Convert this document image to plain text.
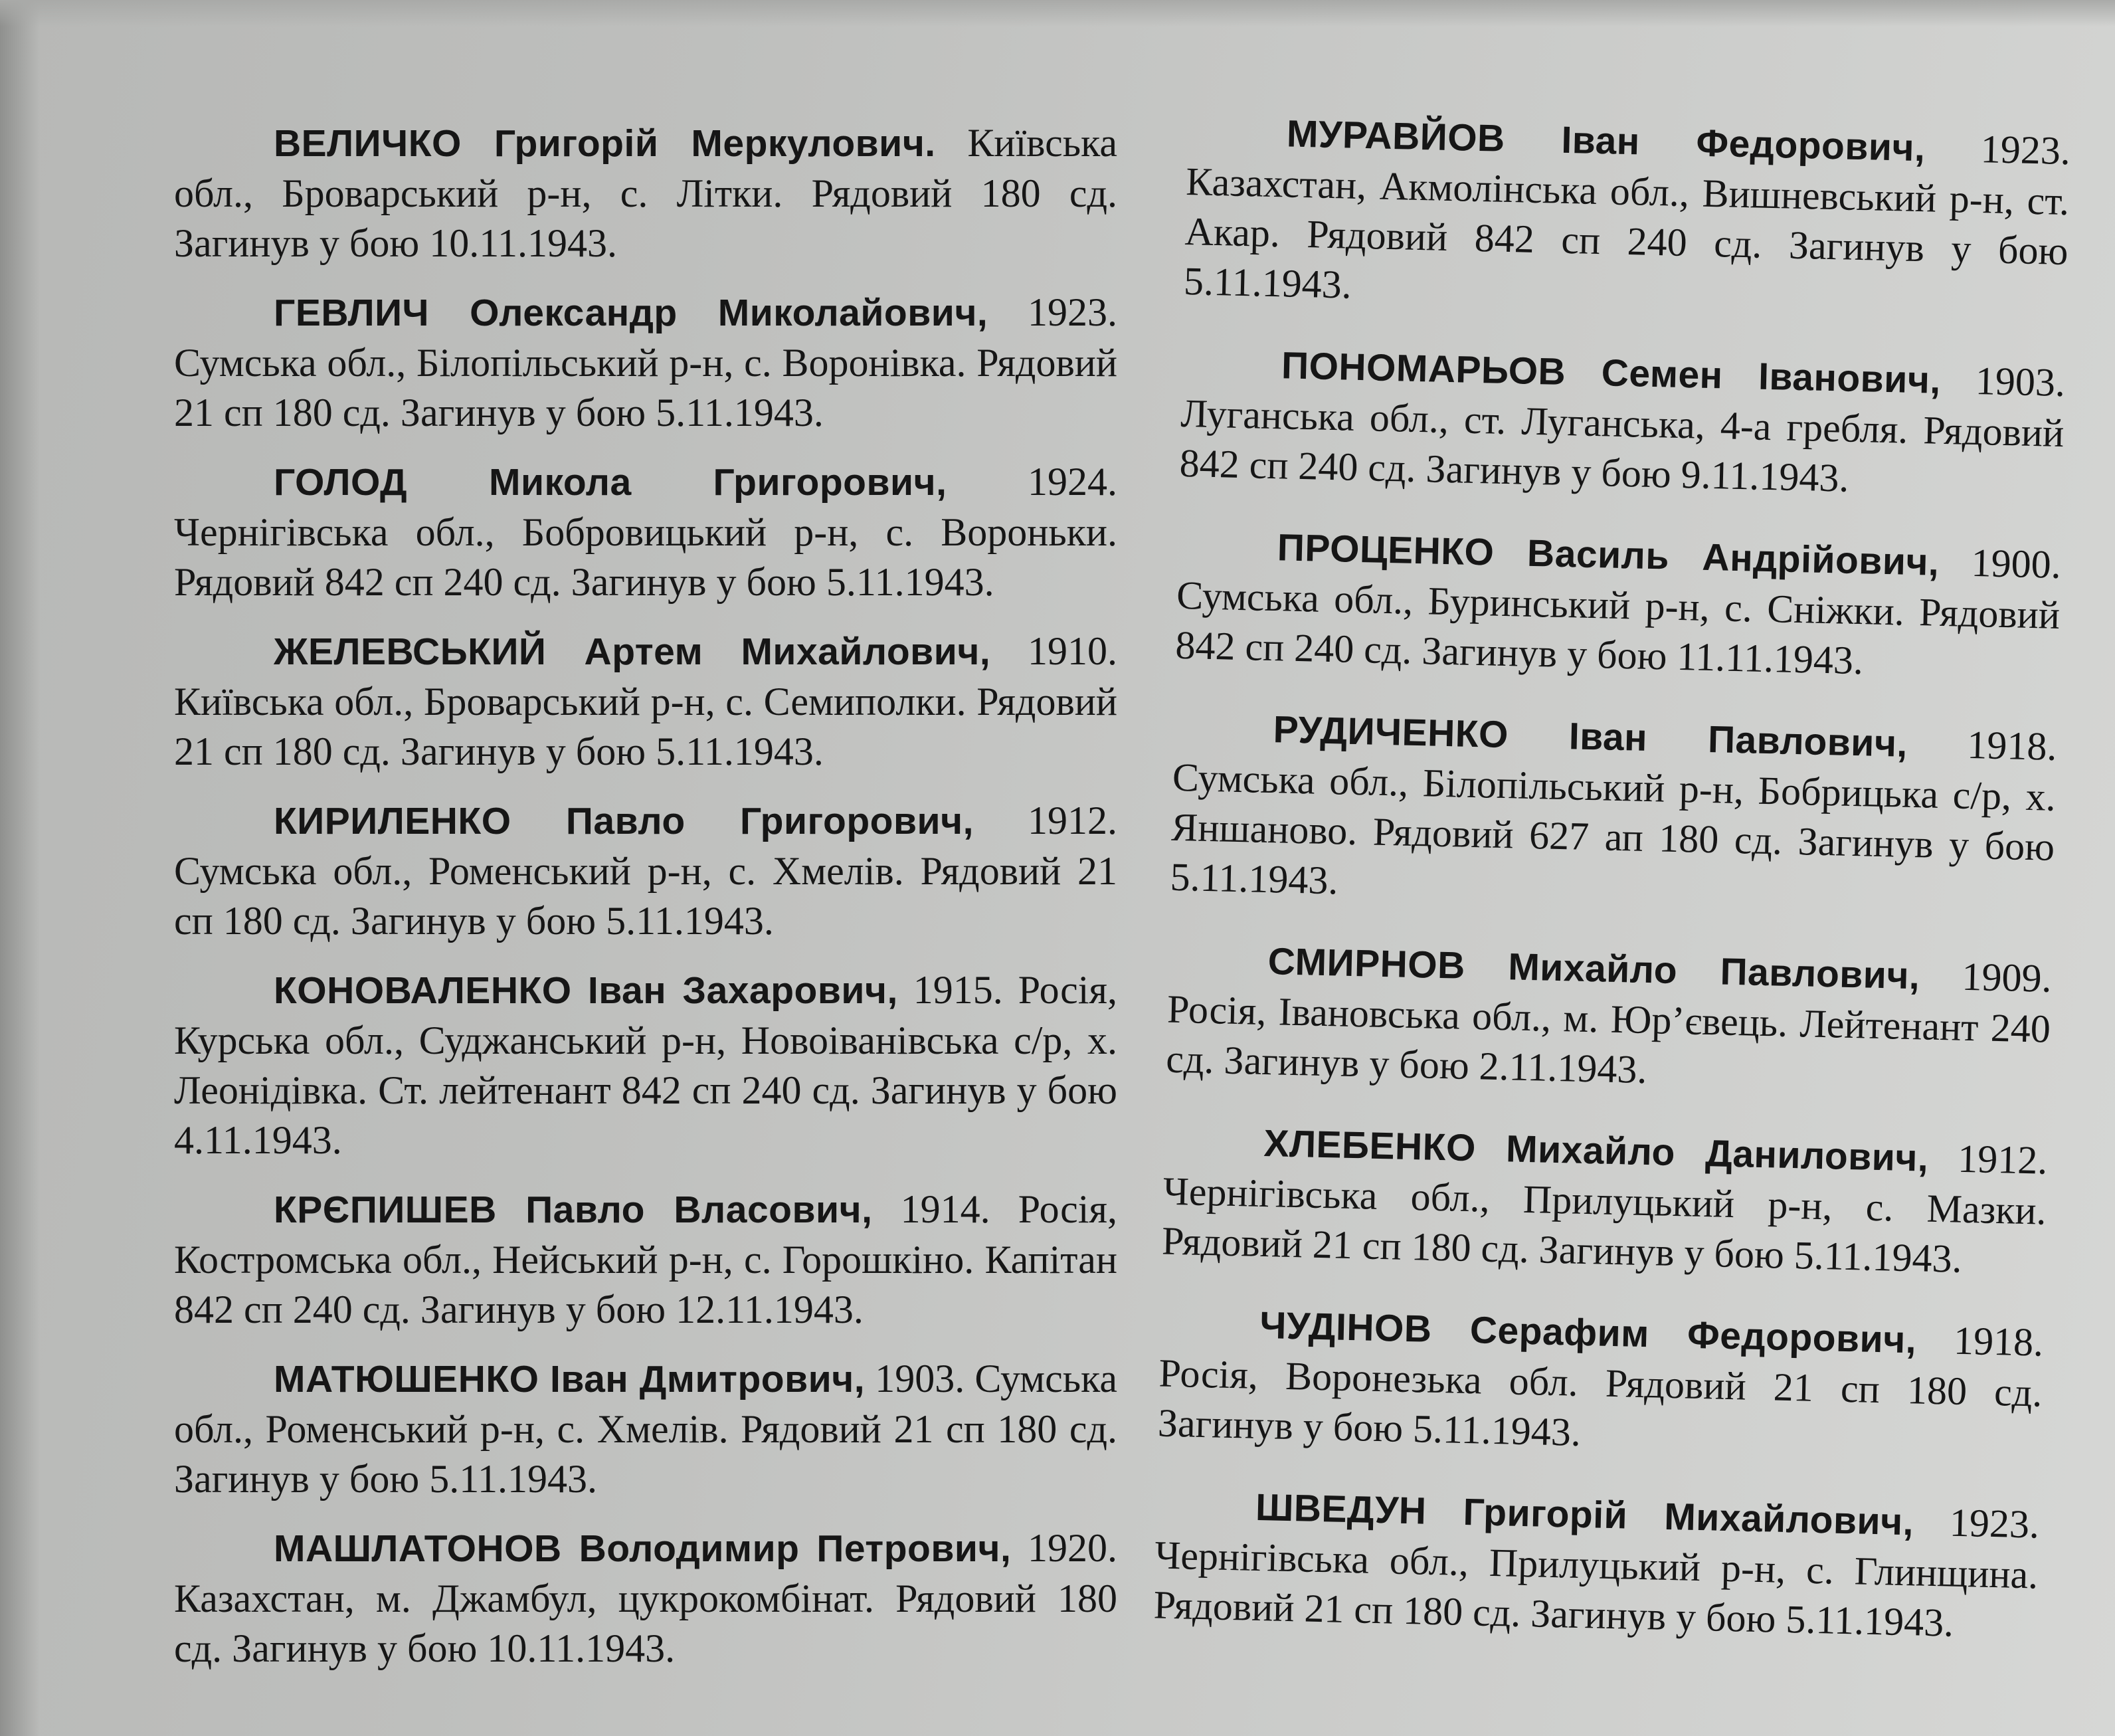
ВЕЛИЧКО Григорій Меркулович. Київська обл., Броварський р-н, с. Літки. Рядовий 180 сд. Загинув у бою 10.11.1943.

ГЕВЛИЧ Олександр Миколайович, 1923. Сумська обл., Білопільський р-н, с. Воронівка. Рядовий 21 сп 180 сд. Загинув у бою 5.11.1943.

ГОЛОД Микола Григорович, 1924. Чернігівська обл., Бобровицький р-н, с. Вороньки. Рядовий 842 сп 240 сд. Загинув у бою 5.11.1943.

ЖЕЛЕВСЬКИЙ Артем Михайлович, 1910. Київська обл., Броварський р-н, с. Семиполки. Рядовий 21 сп 180 сд. Загинув у бою 5.11.1943.

КИРИЛЕНКО Павло Григорович, 1912. Сумська обл., Роменський р-н, с. Хмелів. Рядовий 21 сп 180 сд. Загинув у бою 5.11.1943.

КОНОВАЛЕНКО Іван Захарович, 1915. Росія, Курська обл., Суджанський р-н, Новоіванівська с/р, х. Леонідівка. Ст. лейтенант 842 сп 240 сд. Загинув у бою 4.11.1943.

КРЄПИШЕВ Павло Власович, 1914. Росія, Костромська обл., Нейський р-н, с. Горошкіно. Капітан 842 сп 240 сд. Загинув у бою 12.11.1943.

МАТЮШЕНКО Іван Дмитрович, 1903. Сумська обл., Роменський р-н, с. Хмелів. Рядовий 21 сп 180 сд. Загинув у бою 5.11.1943.

МАШЛАТОНОВ Володимир Петрович, 1920. Казахстан, м. Джамбул, цукрокомбінат. Рядовий 180 сд. Загинув у бою 10.11.1943.

МУРАВЙОВ Іван Федорович, 1923. Казахстан, Акмолінська обл., Вишневський р-н, ст. Акар. Рядовий 842 сп 240 сд. Загинув у бою 5.11.1943.

ПОНОМАРЬОВ Семен Іванович, 1903. Луганська обл., ст. Луганська, 4-а гребля. Рядовий 842 сп 240 сд. Загинув у бою 9.11.1943.

ПРОЦЕНКО Василь Андрійович, 1900. Сумська обл., Буринський р-н, с. Сніжки. Рядовий 842 сп 240 сд. Загинув у бою 11.11.1943.

РУДИЧЕНКО Іван Павлович, 1918. Сумська обл., Білопільський р-н, Бобрицька с/р, х. Яншаново. Рядовий 627 ап 180 сд. Загинув у бою 5.11.1943.

СМИРНОВ Михайло Павлович, 1909. Росія, Івановська обл., м. Юр’євець. Лейтенант 240 сд. Загинув у бою 2.11.1943.

ХЛЕБЕНКО Михайло Данилович, 1912. Чернігівська обл., Прилуцький р-н, с. Мазки. Рядовий 21 сп 180 сд. Загинув у бою 5.11.1943.

ЧУДІНОВ Серафим Федорович, 1918. Росія, Воронезька обл. Рядовий 21 сп 180 сд. Загинув у бою 5.11.1943.

ШВЕДУН Григорій Михайлович, 1923. Чернігівська обл., Прилуцький р-н, с. Глинщина. Рядовий 21 сп 180 сд. Загинув у бою 5.11.1943.
